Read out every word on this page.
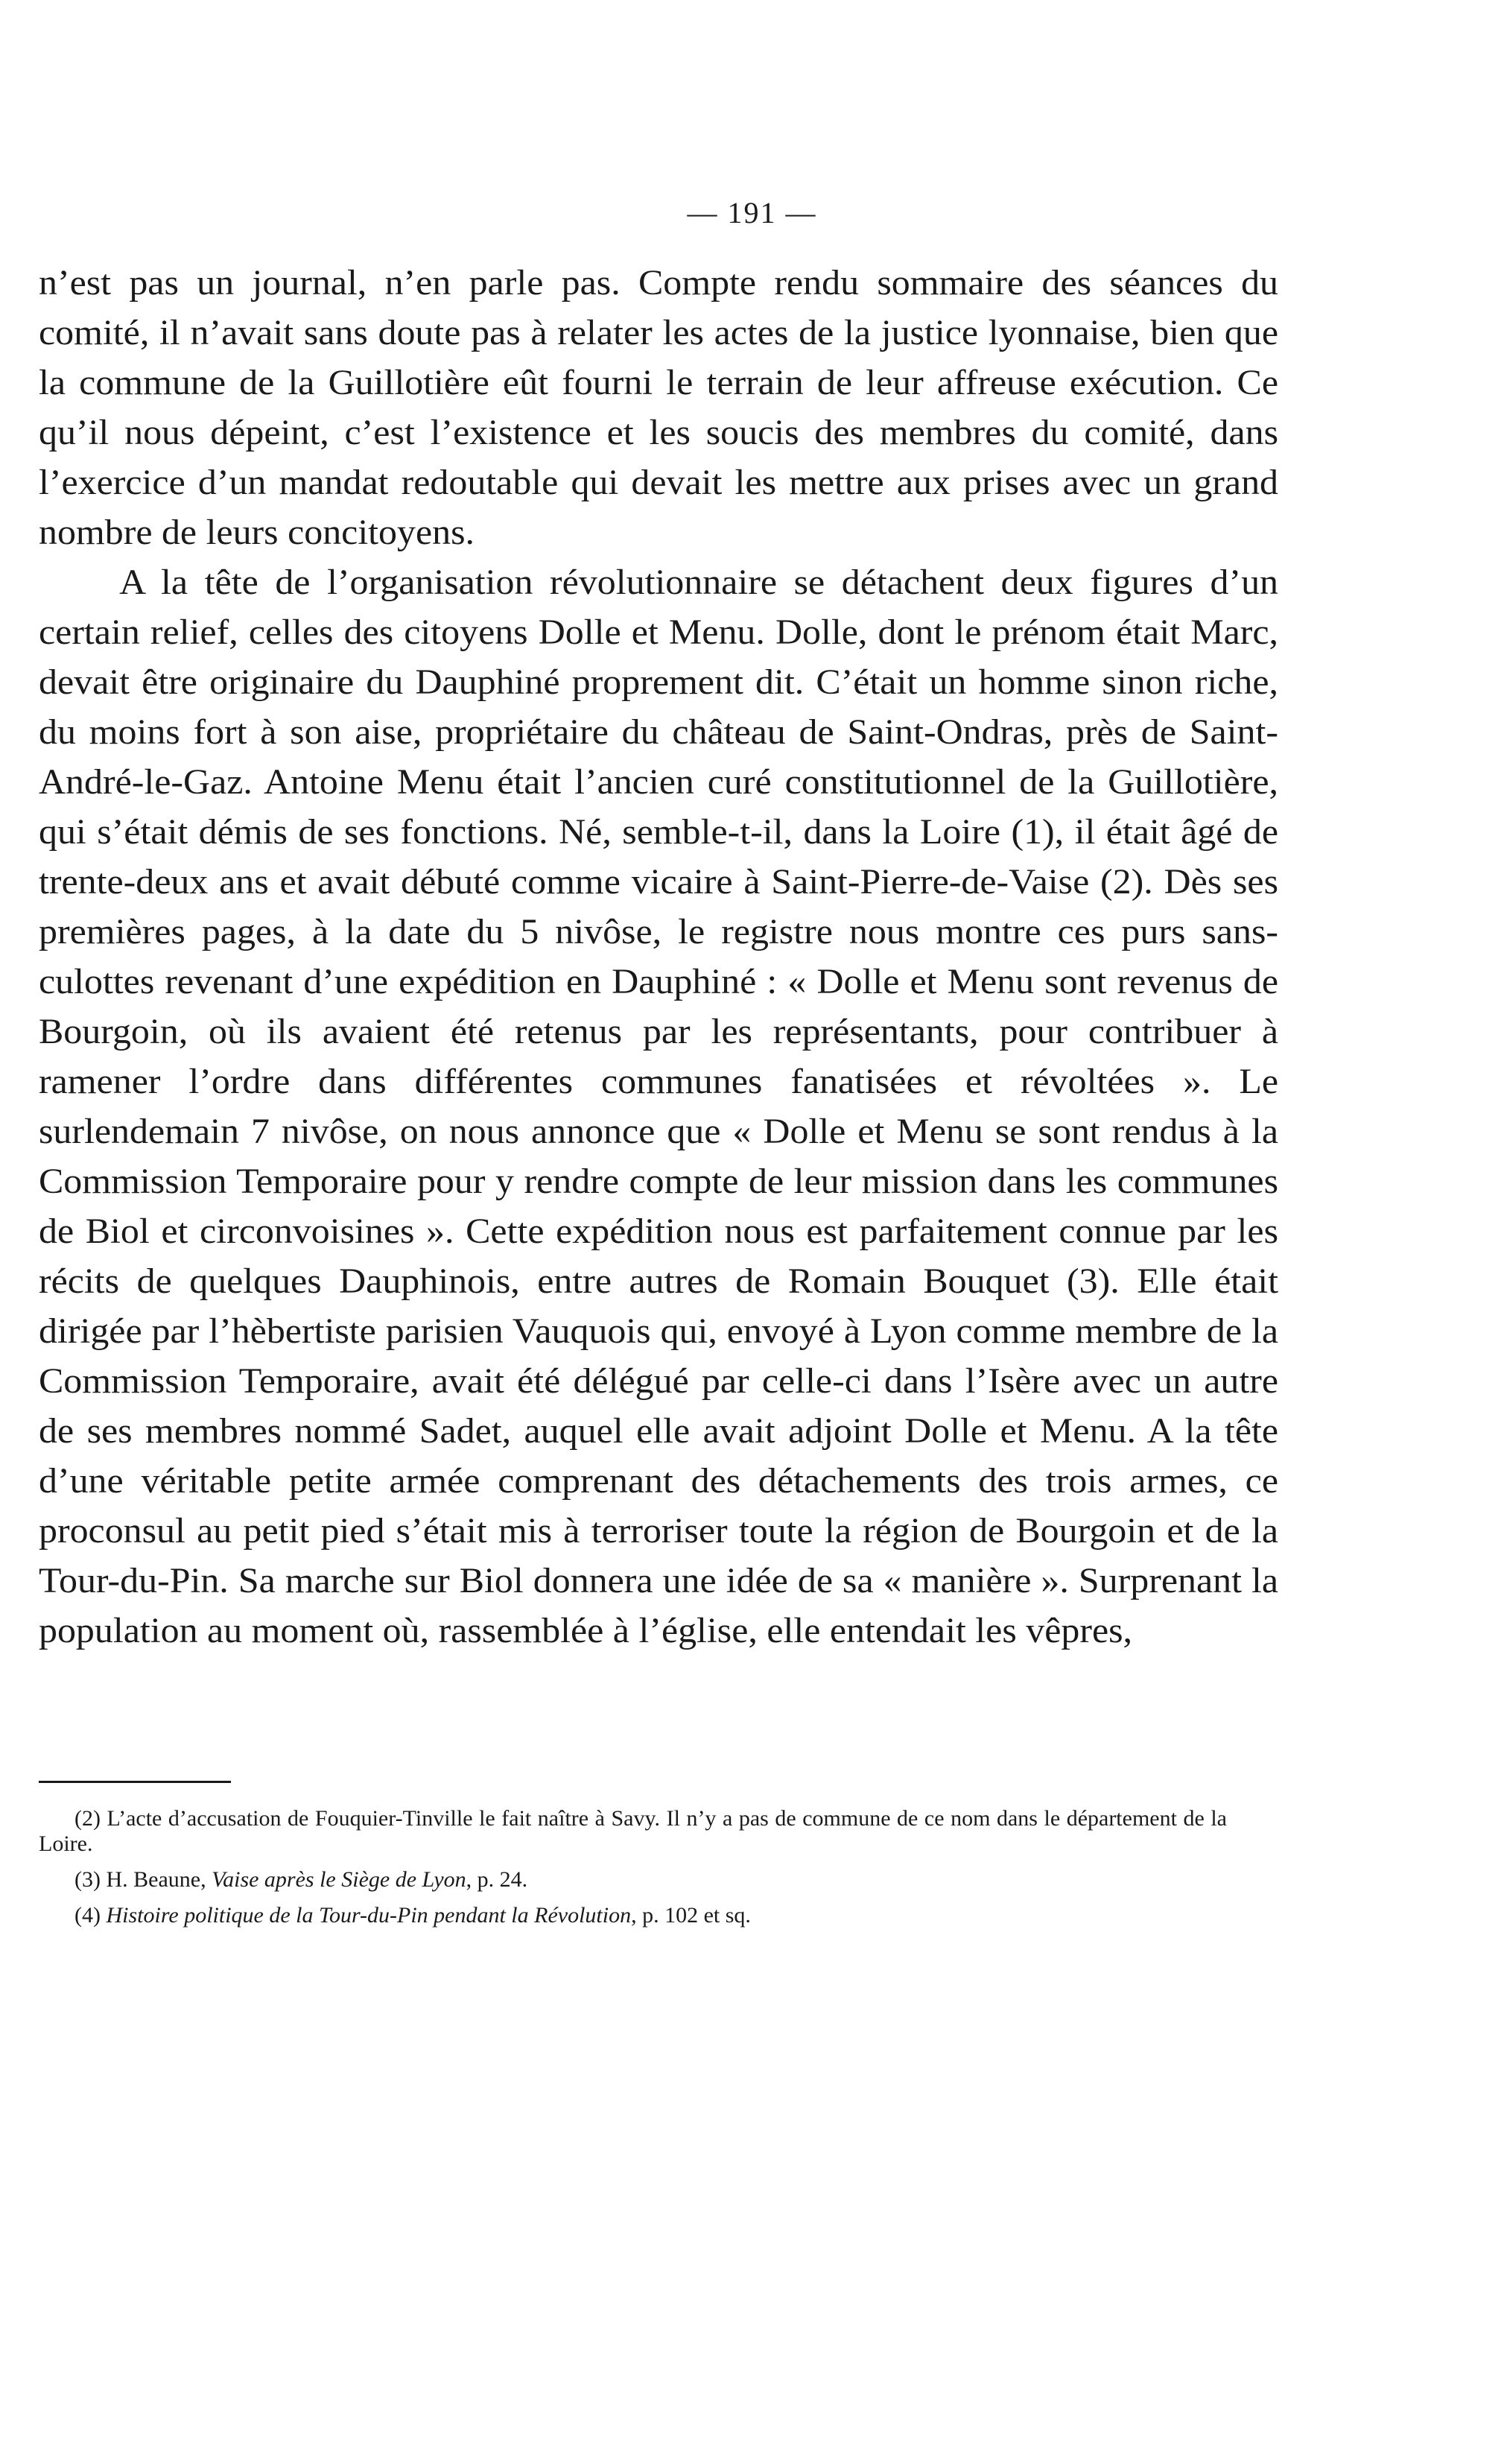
— 191 —

n’est pas un journal, n’en parle pas. Compte rendu sommaire des séances du comité, il n’avait sans doute pas à relater les actes de la justice lyonnaise, bien que la commune de la Guillotière eût fourni le terrain de leur affreuse exécution. Ce qu’il nous dépeint, c’est l’existence et les soucis des membres du comité, dans l’exercice d’un mandat redoutable qui devait les mettre aux prises avec un grand nombre de leurs concitoyens.

A la tête de l’organisation révolutionnaire se détachent deux figures d’un certain relief, celles des citoyens Dolle et Menu. Dolle, dont le prénom était Marc, devait être originaire du Dauphiné proprement dit. C’était un homme sinon riche, du moins fort à son aise, propriétaire du château de Saint-Ondras, près de Saint-André-le-Gaz. Antoine Menu était l’ancien curé constitutionnel de la Guillotière, qui s’était démis de ses fonctions. Né, semble-t-il, dans la Loire (1), il était âgé de trente-deux ans et avait débuté comme vicaire à Saint-Pierre-de-Vaise (2). Dès ses premières pages, à la date du 5 nivôse, le registre nous montre ces purs sans-culottes revenant d’une expédition en Dauphiné : « Dolle et Menu sont revenus de Bourgoin, où ils avaient été retenus par les représentants, pour contribuer à ramener l’ordre dans différentes communes fanatisées et révoltées ». Le surlendemain 7 nivôse, on nous annonce que « Dolle et Menu se sont rendus à la Commission Temporaire pour y rendre compte de leur mission dans les communes de Biol et circonvoisines ». Cette expédition nous est parfaitement connue par les récits de quelques Dauphinois, entre autres de Romain Bouquet (3). Elle était dirigée par l’hèbertiste parisien Vauquois qui, envoyé à Lyon comme membre de la Commission Temporaire, avait été délégué par celle-ci dans l’Isère avec un autre de ses membres nommé Sadet, auquel elle avait adjoint Dolle et Menu. A la tête d’une véritable petite armée comprenant des détachements des trois armes, ce proconsul au petit pied s’était mis à terroriser toute la région de Bourgoin et de la Tour-du-Pin. Sa marche sur Biol donnera une idée de sa « manière ». Surprenant la population au moment où, rassemblée à l’église, elle entendait les vêpres,

(2) L’acte d’accusation de Fouquier-Tinville le fait naître à Savy. Il n’y a pas de commune de ce nom dans le département de la Loire.

(3) H. Beaune, Vaise après le Siège de Lyon, p. 24.

(4) Histoire politique de la Tour-du-Pin pendant la Révolution, p. 102 et sq.
